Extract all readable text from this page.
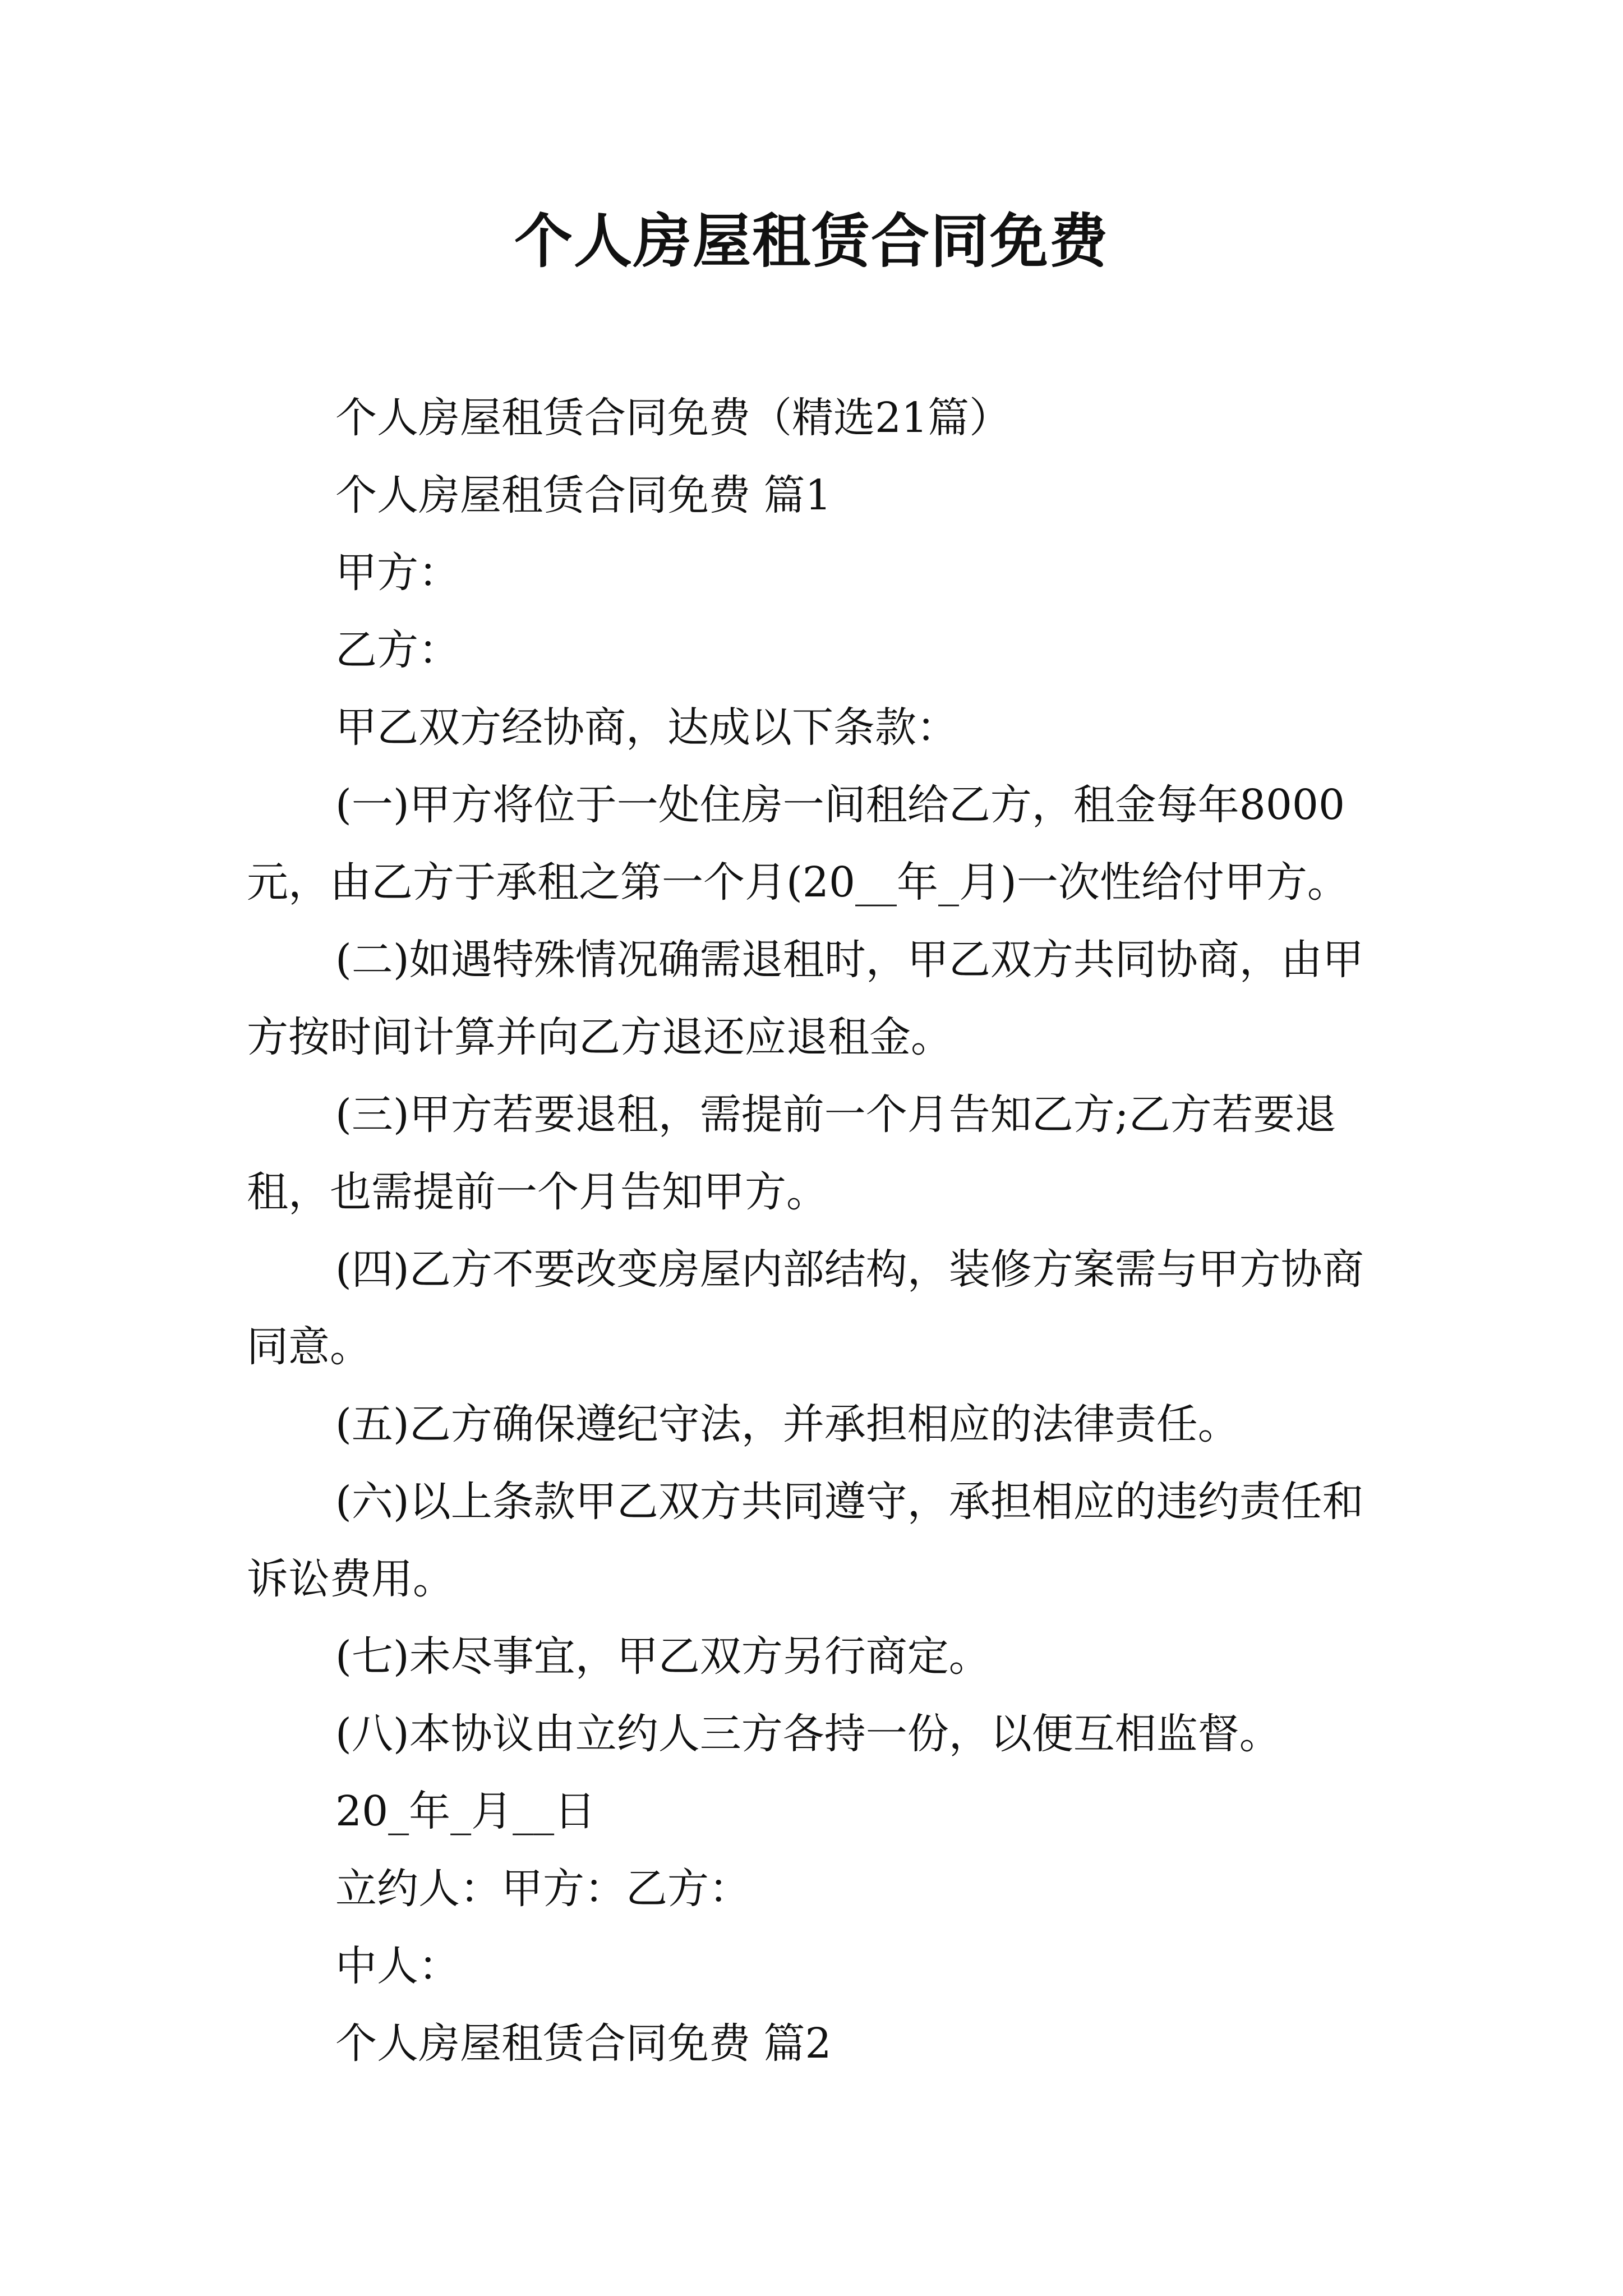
个人房屋租赁合同免费

个人房屋租赁合同免费（精选21篇）

个人房屋租赁合同免费 篇1

甲方：

乙方：

甲乙双方经协商，达成以下条款：

(一)甲方将位于一处住房一间租给乙方，租金每年8000元，由乙方于承租之第一个月(20__年_月)一次性给付甲方。

(二)如遇特殊情况确需退租时，甲乙双方共同协商，由甲方按时间计算并向乙方退还应退租金。

(三)甲方若要退租，需提前一个月告知乙方;乙方若要退租，也需提前一个月告知甲方。

(四)乙方不要改变房屋内部结构，装修方案需与甲方协商同意。

(五)乙方确保遵纪守法，并承担相应的法律责任。

(六)以上条款甲乙双方共同遵守，承担相应的违约责任和诉讼费用。

(七)未尽事宜，甲乙双方另行商定。

(八)本协议由立约人三方各持一份，以便互相监督。

20_年_月__日

立约人：甲方：乙方：

中人：

个人房屋租赁合同免费 篇2
